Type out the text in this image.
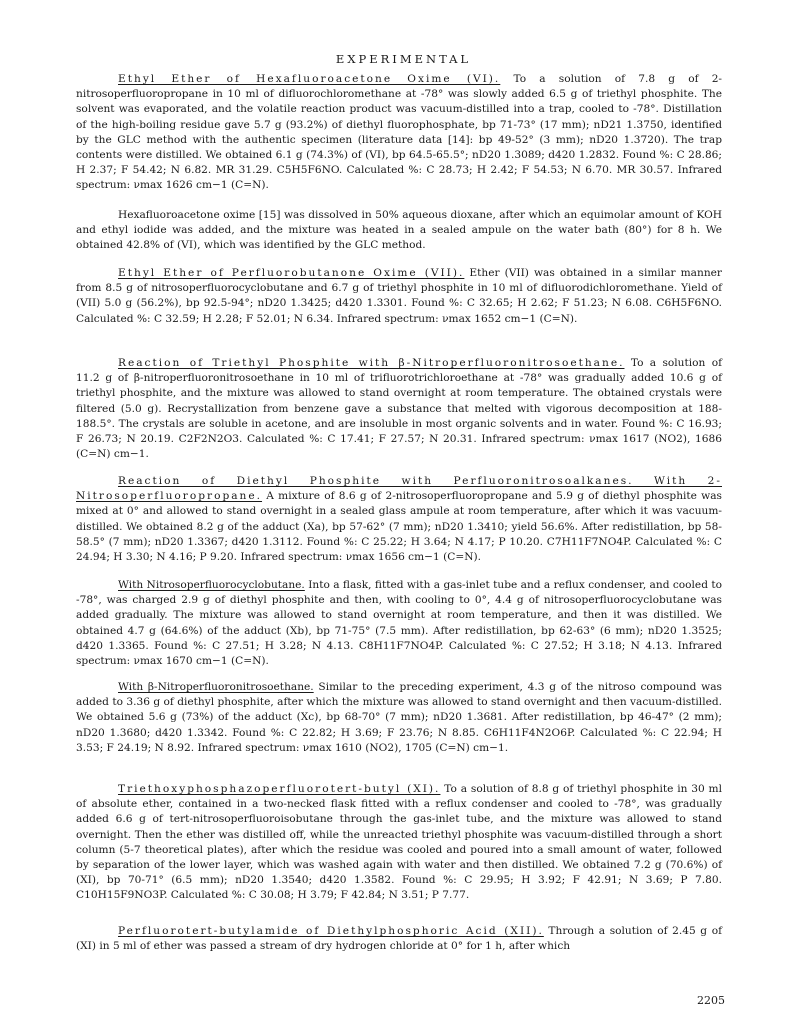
EXPERIMENTAL

Ethyl Ether of Hexafluoroacetone Oxime (VI). To a solution of 7.8 g of 2-nitrosoperfluoropropane in 10 ml of difluorochloromethane at -78° was slowly added 6.5 g of triethyl phosphite. The solvent was evaporated, and the volatile reaction product was vacuum-distilled into a trap, cooled to -78°. Distillation of the high-boiling residue gave 5.7 g (93.2%) of diethyl fluorophosphate, bp 71-73° (17 mm); nD21 1.3750, identified by the GLC method with the authentic specimen (literature data [14]: bp 49-52° (3 mm); nD20 1.3720). The trap contents were distilled. We obtained 6.1 g (74.3%) of (VI), bp 64.5-65.5°; nD20 1.3089; d420 1.2832. Found %: C 28.86; H 2.37; F 54.42; N 6.82. MR 31.29. C5H5F6NO. Calculated %: C 28.73; H 2.42; F 54.53; N 6.70. MR 30.57. Infrared spectrum: νmax 1626 cm−1 (C=N).

Hexafluoroacetone oxime [15] was dissolved in 50% aqueous dioxane, after which an equimolar amount of KOH and ethyl iodide was added, and the mixture was heated in a sealed ampule on the water bath (80°) for 8 h. We obtained 42.8% of (VI), which was identified by the GLC method.

Ethyl Ether of Perfluorobutanone Oxime (VII). Ether (VII) was obtained in a similar manner from 8.5 g of nitrosoperfluorocyclobutane and 6.7 g of triethyl phosphite in 10 ml of difluorodichloromethane. Yield of (VII) 5.0 g (56.2%), bp 92.5-94°; nD20 1.3425; d420 1.3301. Found %: C 32.65; H 2.62; F 51.23; N 6.08. C6H5F6NO. Calculated %: C 32.59; H 2.28; F 52.01; N 6.34. Infrared spectrum: νmax 1652 cm−1 (C=N).

Reaction of Triethyl Phosphite with β-Nitroperfluoronitrosoethane. To a solution of 11.2 g of β-nitroperfluoronitrosoethane in 10 ml of trifluorotrichloroethane at -78° was gradually added 10.6 g of triethyl phosphite, and the mixture was allowed to stand overnight at room temperature. The obtained crystals were filtered (5.0 g). Recrystallization from benzene gave a substance that melted with vigorous decomposition at 188-188.5°. The crystals are soluble in acetone, and are insoluble in most organic solvents and in water. Found %: C 16.93; F 26.73; N 20.19. C2F2N2O3. Calculated %: C 17.41; F 27.57; N 20.31. Infrared spectrum: νmax 1617 (NO2), 1686 (C=N) cm−1.

Reaction of Diethyl Phosphite with Perfluoronitrosoalkanes. With 2-Nitrosoperfluoropropane. A mixture of 8.6 g of 2-nitrosoperfluoropropane and 5.9 g of diethyl phosphite was mixed at 0° and allowed to stand overnight in a sealed glass ampule at room temperature, after which it was vacuum-distilled. We obtained 8.2 g of the adduct (Xa), bp 57-62° (7 mm); nD20 1.3410; yield 56.6%. After redistillation, bp 58-58.5° (7 mm); nD20 1.3367; d420 1.3112. Found %: C 25.22; H 3.64; N 4.17; P 10.20. C7H11F7NO4P. Calculated %: C 24.94; H 3.30; N 4.16; P 9.20. Infrared spectrum: νmax 1656 cm−1 (C=N).

With Nitrosoperfluorocyclobutane. Into a flask, fitted with a gas-inlet tube and a reflux condenser, and cooled to -78°, was charged 2.9 g of diethyl phosphite and then, with cooling to 0°, 4.4 g of nitrosoperfluorocyclobutane was added gradually. The mixture was allowed to stand overnight at room temperature, and then it was distilled. We obtained 4.7 g (64.6%) of the adduct (Xb), bp 71-75° (7.5 mm). After redistillation, bp 62-63° (6 mm); nD20 1.3525; d420 1.3365. Found %: C 27.51; H 3.28; N 4.13. C8H11F7NO4P. Calculated %: C 27.52; H 3.18; N 4.13. Infrared spectrum: νmax 1670 cm−1 (C=N).

With β-Nitroperfluoronitrosoethane. Similar to the preceding experiment, 4.3 g of the nitroso compound was added to 3.36 g of diethyl phosphite, after which the mixture was allowed to stand overnight and then vacuum-distilled. We obtained 5.6 g (73%) of the adduct (Xc), bp 68-70° (7 mm); nD20 1.3681. After redistillation, bp 46-47° (2 mm); nD20 1.3680; d420 1.3342. Found %: C 22.82; H 3.69; F 23.76; N 8.85. C6H11F4N2O6P. Calculated %: C 22.94; H 3.53; F 24.19; N 8.92. Infrared spectrum: νmax 1610 (NO2), 1705 (C=N) cm−1.

Triethoxyphosphazoperfluorotert-butyl (XI). To a solution of 8.8 g of triethyl phosphite in 30 ml of absolute ether, contained in a two-necked flask fitted with a reflux condenser and cooled to -78°, was gradually added 6.6 g of tert-nitrosoperfluoroisobutane through the gas-inlet tube, and the mixture was allowed to stand overnight. Then the ether was distilled off, while the unreacted triethyl phosphite was vacuum-distilled through a short column (5-7 theoretical plates), after which the residue was cooled and poured into a small amount of water, followed by separation of the lower layer, which was washed again with water and then distilled. We obtained 7.2 g (70.6%) of (XI), bp 70-71° (6.5 mm); nD20 1.3540; d420 1.3582. Found %: C 29.95; H 3.92; F 42.91; N 3.69; P 7.80. C10H15F9NO3P. Calculated %: C 30.08; H 3.79; F 42.84; N 3.51; P 7.77.

Perfluorotert-butylamide of Diethylphosphoric Acid (XII). Through a solution of 2.45 g of (XI) in 5 ml of ether was passed a stream of dry hydrogen chloride at 0° for 1 h, after which

2205
